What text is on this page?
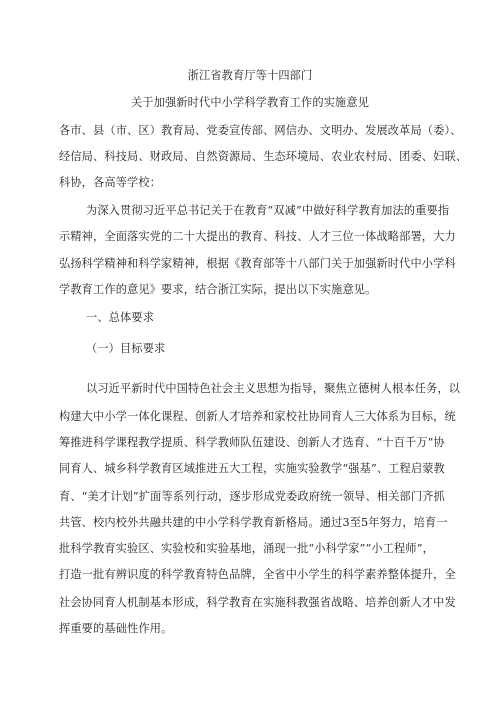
浙江省教育厅等十四部门
关于加强新时代中小学科学教育工作的实施意见
各市、县（市、区）教育局、党委宣传部、网信办、文明办、发展改革局（委）、
经信局、科技局、财政局、自然资源局、生态环境局、农业农村局、团委、妇联、
科协，各高等学校：
为深入贯彻习近平总书记关于在教育“双减”中做好科学教育加法的重要指
示精神，全面落实党的二十大提出的教育、科技、人才三位一体战略部署，大力
弘扬科学精神和科学家精神，根据《教育部等十八部门关于加强新时代中小学科
学教育工作的意见》要求，结合浙江实际，提出以下实施意见。
一、总体要求
（一）目标要求
以习近平新时代中国特色社会主义思想为指导，聚焦立德树人根本任务，以
构建大中小学一体化课程、创新人才培养和家校社协同育人三大体系为目标，统
筹推进科学课程教学提质、科学教师队伍建设、创新人才选育、“十百千万”协
同育人、城乡科学教育区域推进五大工程，实施实验教学“强基”、工程启蒙教
育、“美才计划”扩面等系列行动，逐步形成党委政府统一领导、相关部门齐抓
共管、校内校外共融共建的中小学科学教育新格局。通过3至5年努力，培育一
批科学教育实验区、实验校和实验基地，涌现一批“小科学家”“小工程师”，
打造一批有辨识度的科学教育特色品牌，全省中小学生的科学素养整体提升，全
社会协同育人机制基本形成，科学教育在实施科教强省战略、培养创新人才中发
挥重要的基础性作用。
